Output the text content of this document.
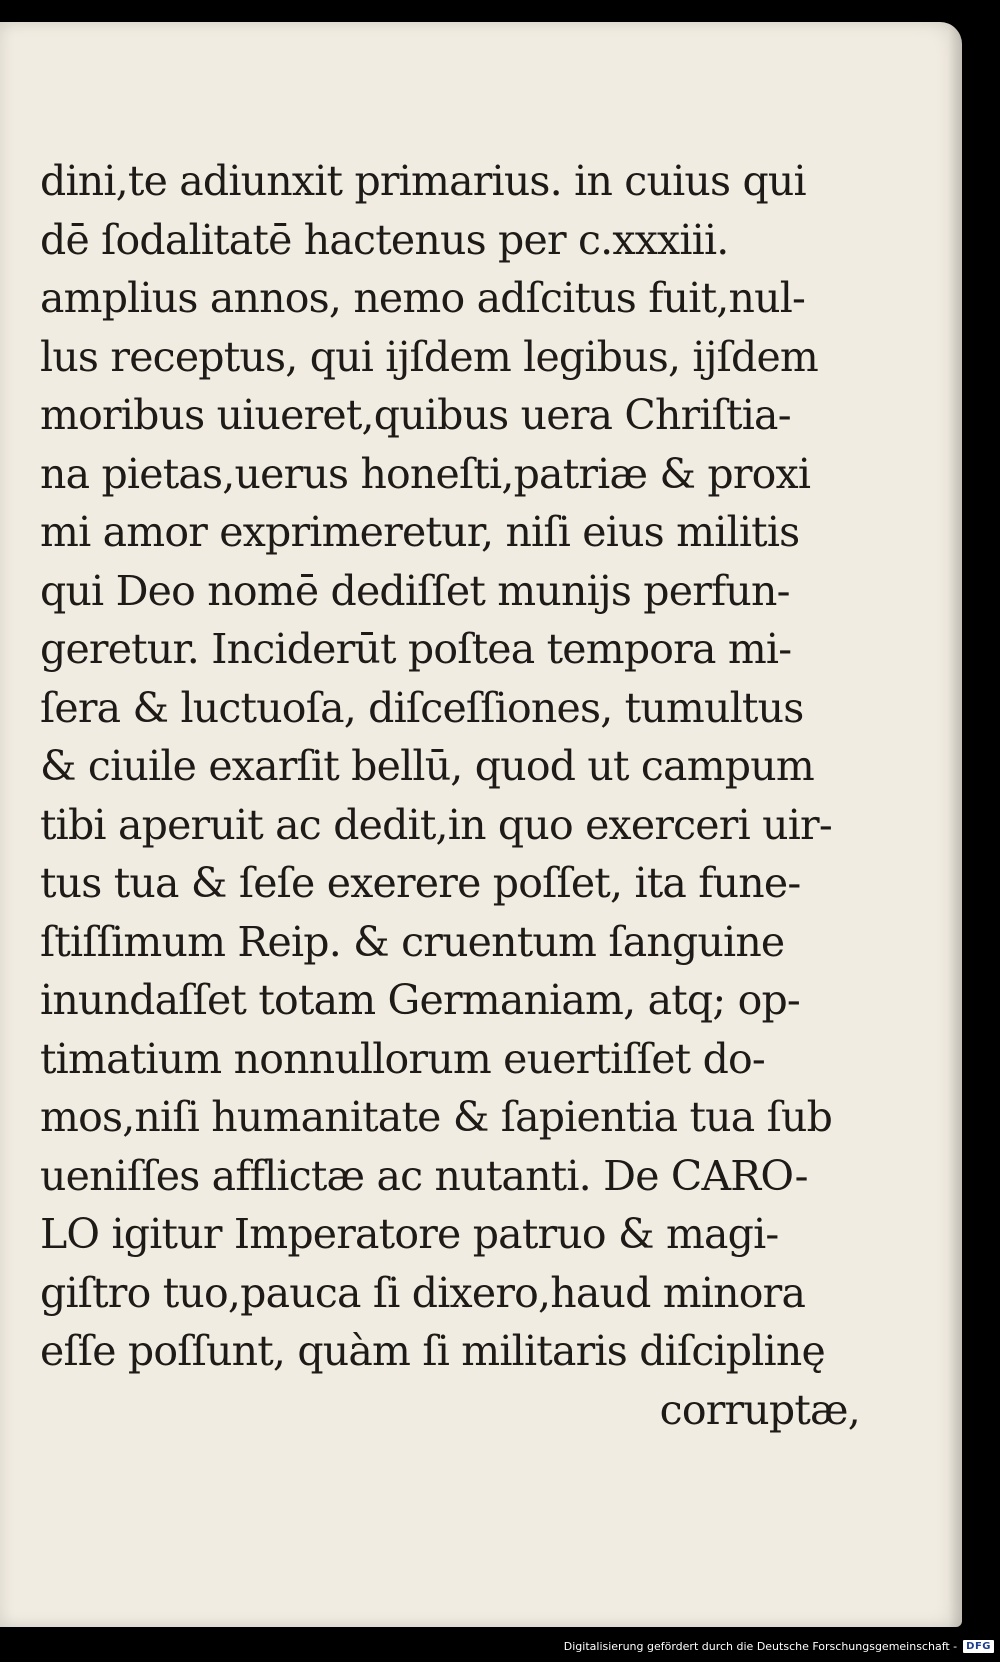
dini,te adiunxit primarius. in cuius qui
dē ſodalitatē hactenus per c.xxxiii.
amplius annos, nemo adſcitus fuit,nul-
lus receptus, qui ijſdem legibus, ijſdem
moribus uiueret,quibus uera Chriſtia-
na pietas,uerus honeſti,patriæ & proxi
mi amor exprimeretur, niſi eius militis
qui Deo nomē dediſſet munijs perfun-
geretur. Inciderūt poſtea tempora mi-
ſera & luctuoſa, diſceſſiones, tumultus
& ciuile exarſit bellū, quod ut campum
tibi aperuit ac dedit,in quo exerceri uir-
tus tua & ſeſe exerere poſſet, ita fune-
ſtiſſimum Reip. & cruentum ſanguine
inundaſſet totam Germaniam, atq; op-
timatium nonnullorum euertiſſet do-
mos,niſi humanitate & ſapientia tua ſub
ueniſſes afflictæ ac nutanti. De CARO-
LO igitur Imperatore patruo & magi-
giſtro tuo,pauca ſi dixero,haud minora
eſſe poſſunt, quàm ſi militaris diſciplinę
corruptæ,
Digitalisierung gefördert durch die Deutsche Forschungsgemeinschaft - DFG
